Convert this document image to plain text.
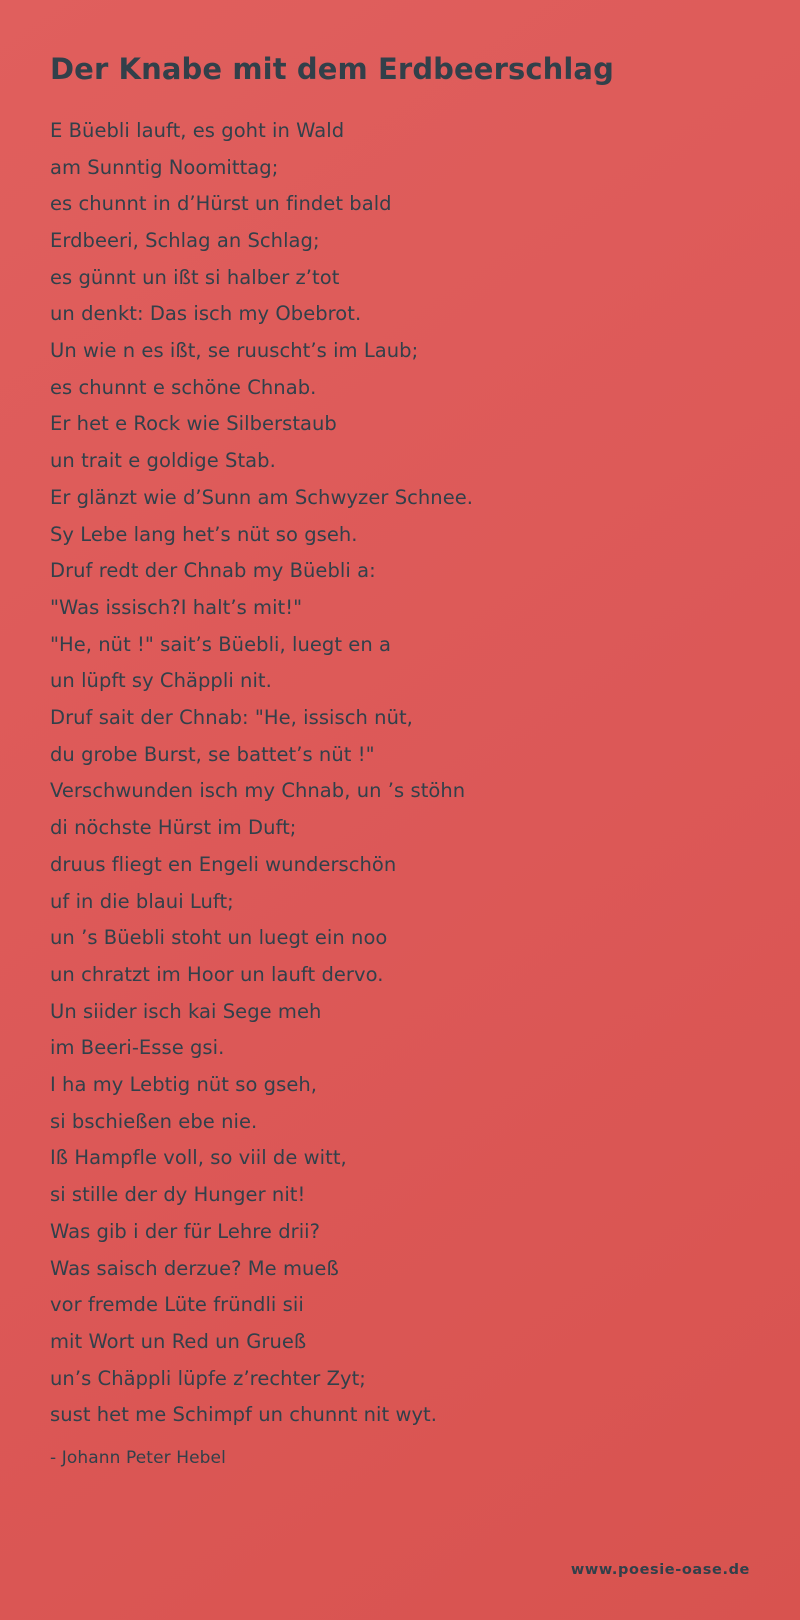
Der Knabe mit dem Erdbeerschlag
E Büebli lauft, es goht in Wald
am Sunntig Noomittag;
es chunnt in d’Hürst un findet bald
Erdbeeri, Schlag an Schlag;
es günnt un ißt si halber z’tot
un denkt: Das isch my Obebrot.
Un wie n es ißt, se ruuscht’s im Laub;
es chunnt e schöne Chnab.
Er het e Rock wie Silberstaub
un trait e goldige Stab.
Er glänzt wie d’Sunn am Schwyzer Schnee.
Sy Lebe lang het’s nüt so gseh.
Druf redt der Chnab my Büebli a:
"Was issisch?I halt’s mit!"
"He, nüt !" sait’s Büebli, luegt en a
un lüpft sy Chäppli nit.
Druf sait der Chnab: "He, issisch nüt,
du grobe Burst, se battet’s nüt !"
Verschwunden isch my Chnab, un ’s stöhn
di nöchste Hürst im Duft;
druus fliegt en Engeli wunderschön
uf in die blaui Luft;
un ’s Büebli stoht un luegt ein noo
un chratzt im Hoor un lauft dervo.
Un siider isch kai Sege meh
im Beeri-Esse gsi.
I ha my Lebtig nüt so gseh,
si bschießen ebe nie.
Iß Hampfle voll, so viil de witt,
si stille der dy Hunger nit!
Was gib i der für Lehre drii?
Was saisch derzue? Me mueß
vor fremde Lüte fründli sii
mit Wort un Red un Grueß
un’s Chäppli lüpfe z’rechter Zyt;
sust het me Schimpf un chunnt nit wyt.
- Johann Peter Hebel
www.poesie-oase.de
